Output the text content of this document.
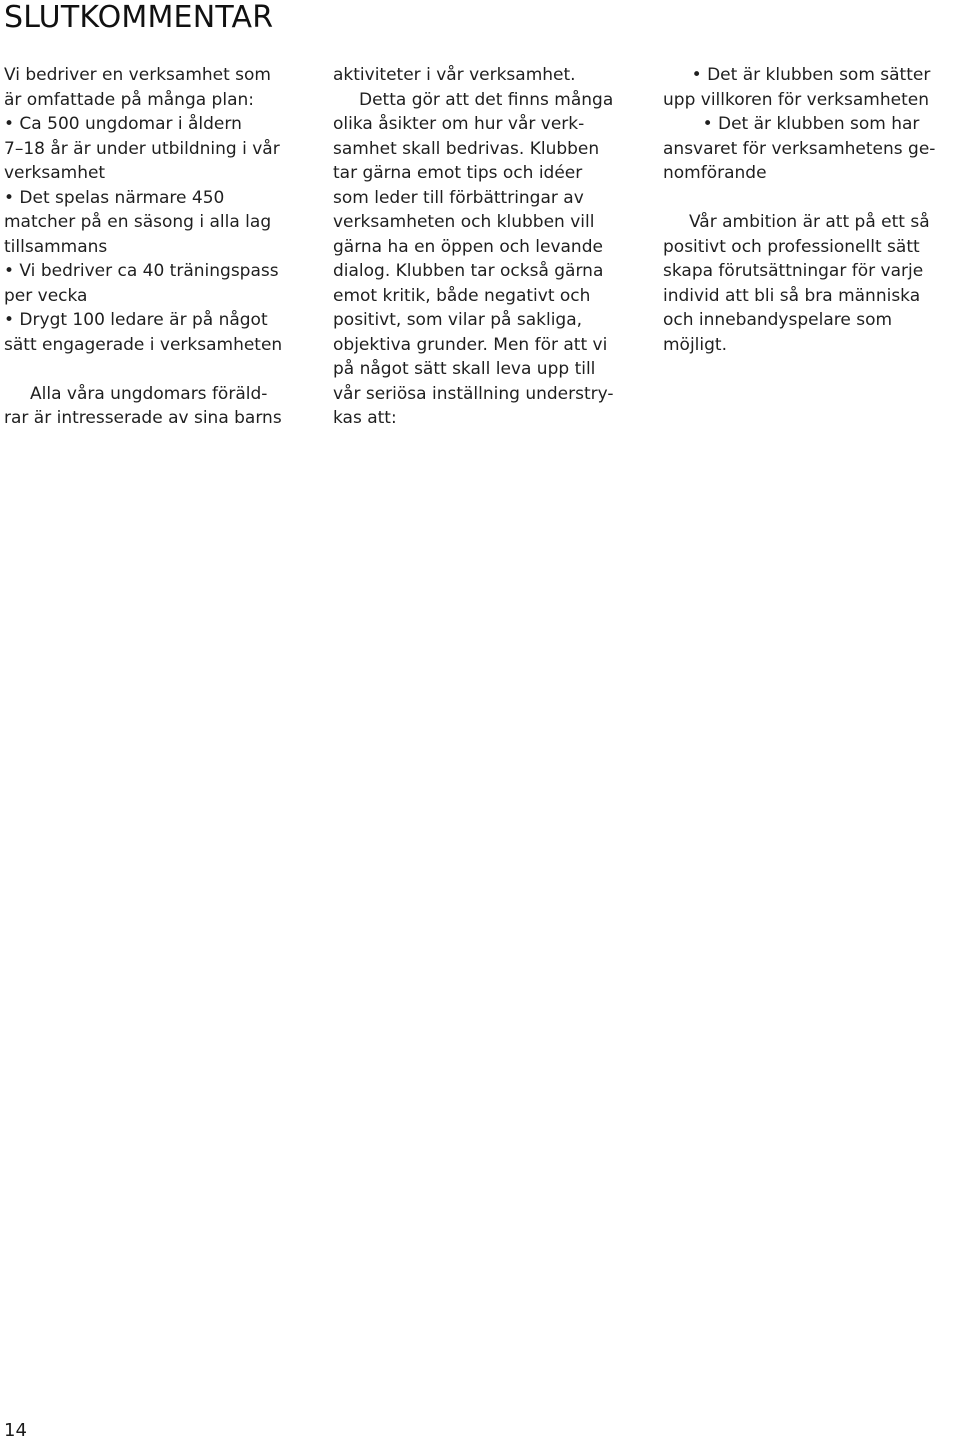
SLUTKOMMENTAR
Vi bedriver en verksamhet som
är omfattade på många plan:
• Ca 500 ungdomar i åldern
7–18 år är under utbildning i vår
verksamhet
• Det spelas närmare 450
matcher på en säsong i alla lag
tillsammans
• Vi bedriver ca 40 träningspass
per vecka
• Drygt 100 ledare är på något
sätt engagerade i verksamheten
Alla våra ungdomars föräld-
rar är intresserade av sina barns
aktiviteter i vår verksamhet.
Detta gör att det finns många
olika åsikter om hur vår verk-
samhet skall bedrivas. Klubben
tar gärna emot tips och idéer
som leder till förbättringar av
verksamheten och klubben vill
gärna ha en öppen och levande
dialog. Klubben tar också gärna
emot kritik, både negativt och
positivt, som vilar på sakliga,
objektiva grunder. Men för att vi
på något sätt skall leva upp till
vår seriösa inställning understry-
kas att:
• Det är klubben som sätter
upp villkoren för verksamheten
• Det är klubben som har
ansvaret för verksamhetens ge-
nomförande
Vår ambition är att på ett så
positivt och professionellt sätt
skapa förutsättningar för varje
individ att bli så bra människa
och innebandyspelare som
möjligt.
14
